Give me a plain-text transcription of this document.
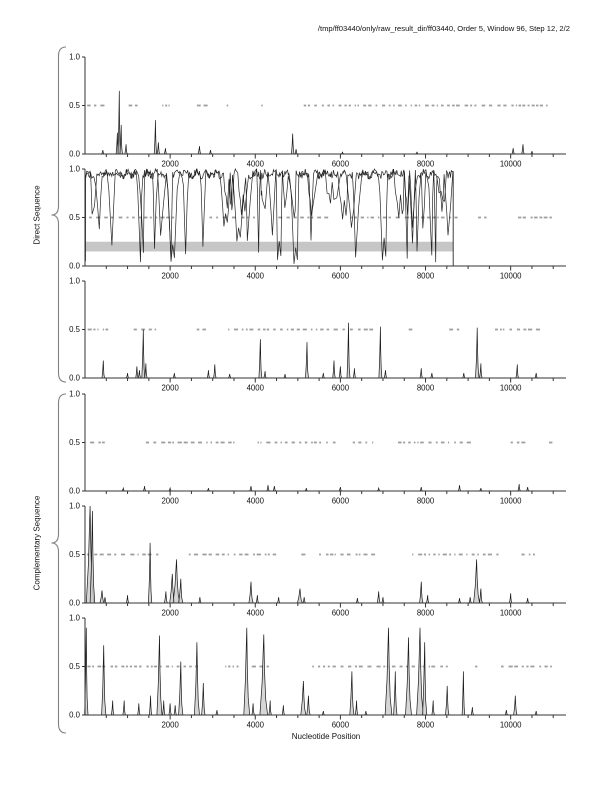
/tmp/ff03440/only/raw_result_dir/ff03440, Order 5, Window 96, Step 12, 2/2
Direct Sequence
Complementary Sequence
1.0
0.5
0.0
2000	4000	6000	8000	10000
1.0
0.5
0.0
2000	4000	6000	8000	10000
1.0
0.5
0.0
2000	4000	6000	8000	10000
1.0
0.5
0.0
2000	4000	6000	8000	10000
1.0
0.5
0.0
2000	4000	6000	8000	10000
1.0
0.5
0.0
2000	4000	6000	8000	10000
Nucleotide Position
